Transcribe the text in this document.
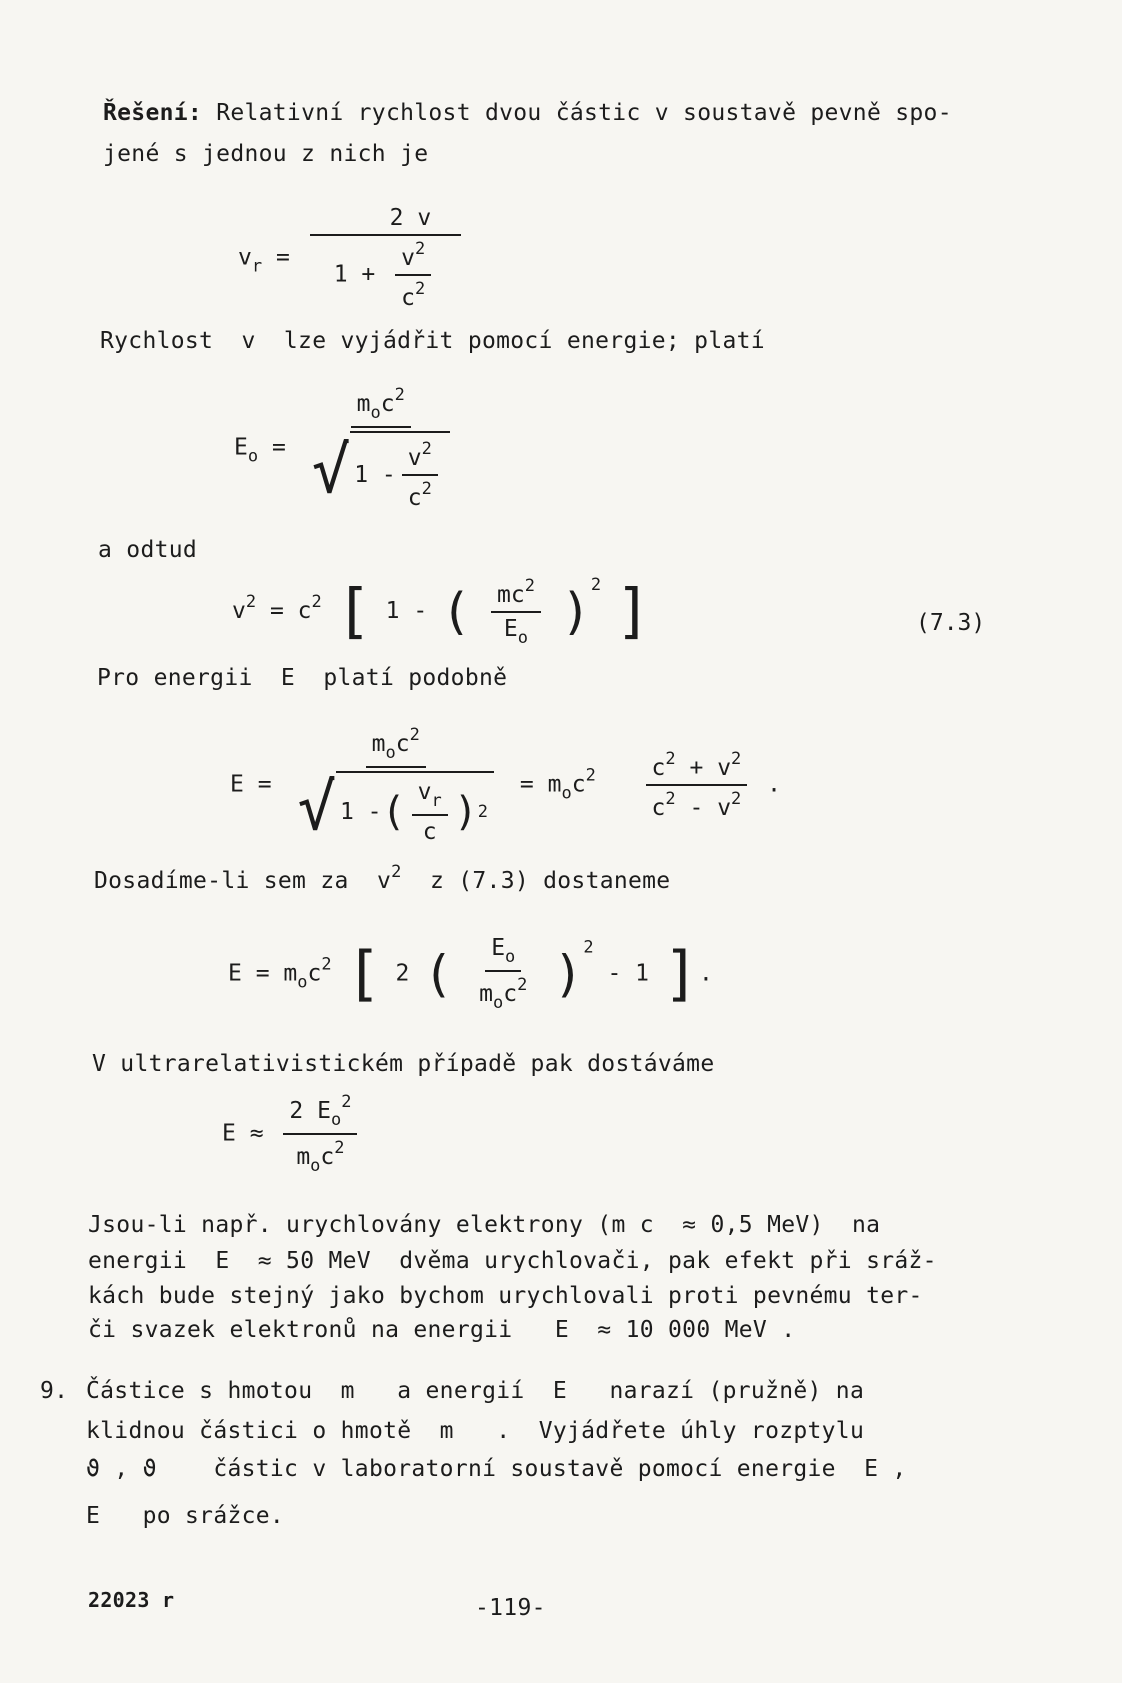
Řešení: Relativní rychlost dvou částic v soustavě pevně spo-
jené s jednou z nich je
$v_r = \frac{2 v}{1 + \frac{v^2}{c^2}}$
Rychlost  v  lze vyjádřit pomocí energie; platí
$E_o$ =
$m_oc^2$
√ $1 - \frac{v^2}{c^2}$
a odtud
$v^2 = c^2$ [ 1 - ( $\frac{mc^2}{E_o} )^2$ ]	(7.3)
Pro energii  E  platí podobně
E =
$m_oc^2$
√ 1 - ( $\frac{v_r}{c}$ ) 2
= $m_oc^2 \frac{c^2 + v^2}{c^2 - v^2}$ .
Dosadíme-li sem za $v^2$ z (7.3) dostaneme
$E = m_oc^2$ [ 2 ( $\frac{E_o}{m_oc^2} )^2 - 1$ ].
V ultrarelativistickém případě pak dostáváme
$E \approx \frac{2 E_o^2}{m_oc^2}$
Jsou-li např. urychlovány elektrony (m c  ≈ 0,5 MeV)  na
energii  E  ≈ 50 MeV  dvěma urychlovači, pak efekt při sráž-
kách bude stejný jako bychom urychlovali proti pevnému ter-
či svazek elektronů na energii   E  ≈ 10 000 MeV .
9. Částice s hmotou  m   a energií  E   narazí (pružně) na
klidnou částici o hmotě  m   .  Vyjádřete úhly rozptylu
ϑ , ϑ    částic v laboratorní soustavě pomocí energie  E ,
E   po srážce.
22023 r	-119-
